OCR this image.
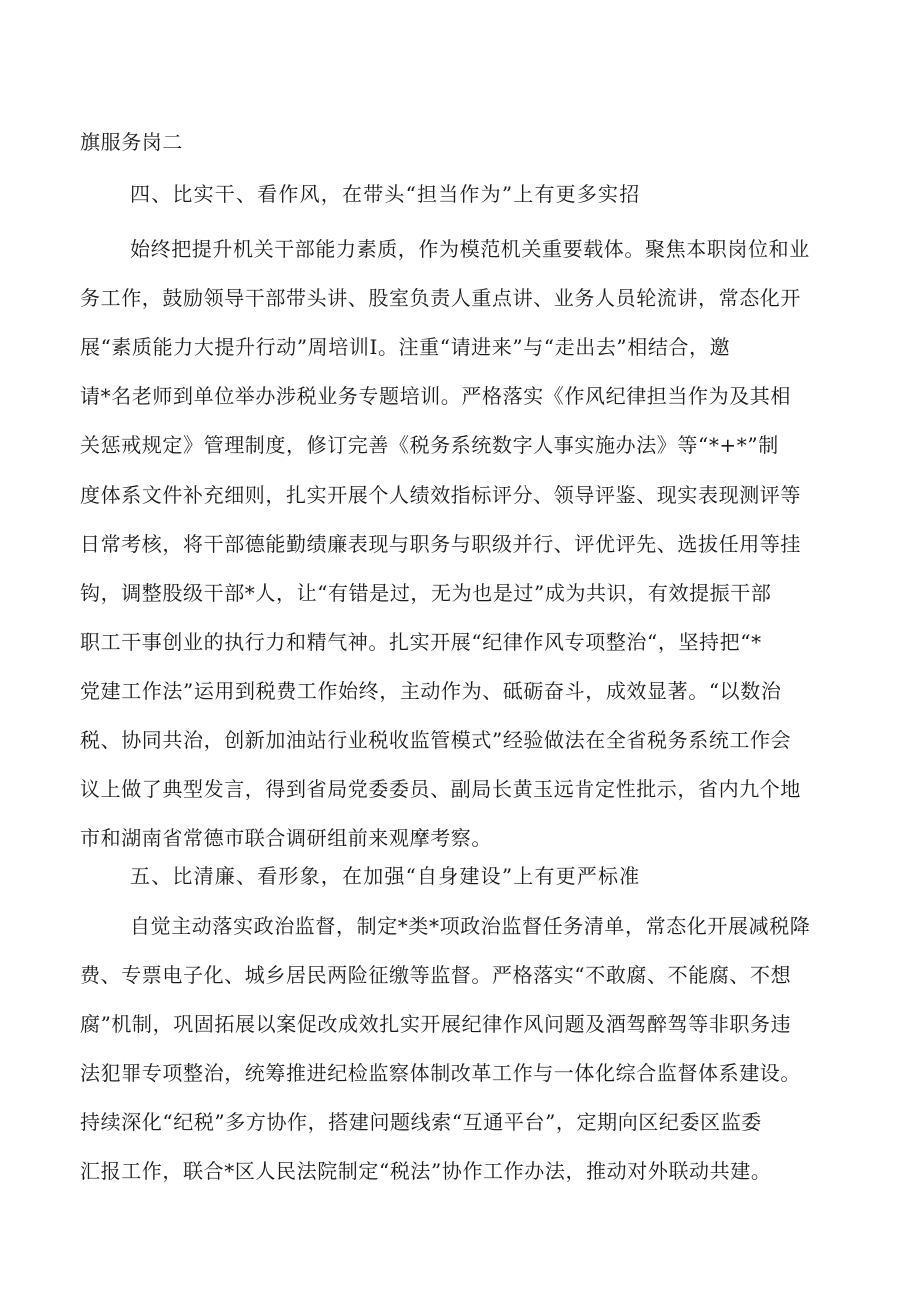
旗服务岗二
四、比实干、看作风，在带头“担当作为”上有更多实招
始终把提升机关干部能力素质，作为模范机关重要载体。聚焦本职岗位和业
务工作，鼓励领导干部带头讲、股室负责人重点讲、业务人员轮流讲，常态化开
展“素质能力大提升行动”周培训I。注重“请进来”与“走出去”相结合，邀
请*名老师到单位举办涉税业务专题培训。严格落实《作风纪律担当作为及其相
关惩戒规定》管理制度，修订完善《税务系统数字人事实施办法》等“*+*”制
度体系文件补充细则，扎实开展个人绩效指标评分、领导评鉴、现实表现测评等
日常考核，将干部德能勤绩廉表现与职务与职级并行、评优评先、选拔任用等挂
钩，调整股级干部*人，让“有错是过，无为也是过”成为共识，有效提振干部
职工干事创业的执行力和精气神。扎实开展“纪律作风专项整治“，坚持把“*
党建工作法”运用到税费工作始终，主动作为、砥砺奋斗，成效显著。“以数治
税、协同共治，创新加油站行业税收监管模式”经验做法在全省税务系统工作会
议上做了典型发言，得到省局党委委员、副局长黄玉远肯定性批示，省内九个地
市和湖南省常德市联合调研组前来观摩考察。
五、比清廉、看形象，在加强“自身建设”上有更严标准
自觉主动落实政治监督，制定*类*项政治监督任务清单，常态化开展减税降
费、专票电子化、城乡居民两险征缴等监督。严格落实“不敢腐、不能腐、不想
腐”机制，巩固拓展以案促改成效扎实开展纪律作风问题及酒驾醉驾等非职务违
法犯罪专项整治，统筹推进纪检监察体制改革工作与一体化综合监督体系建设。
持续深化“纪税”多方协作，搭建问题线索“互通平台”，定期向区纪委区监委
汇报工作，联合*区人民法院制定“税法”协作工作办法，推动对外联动共建。
